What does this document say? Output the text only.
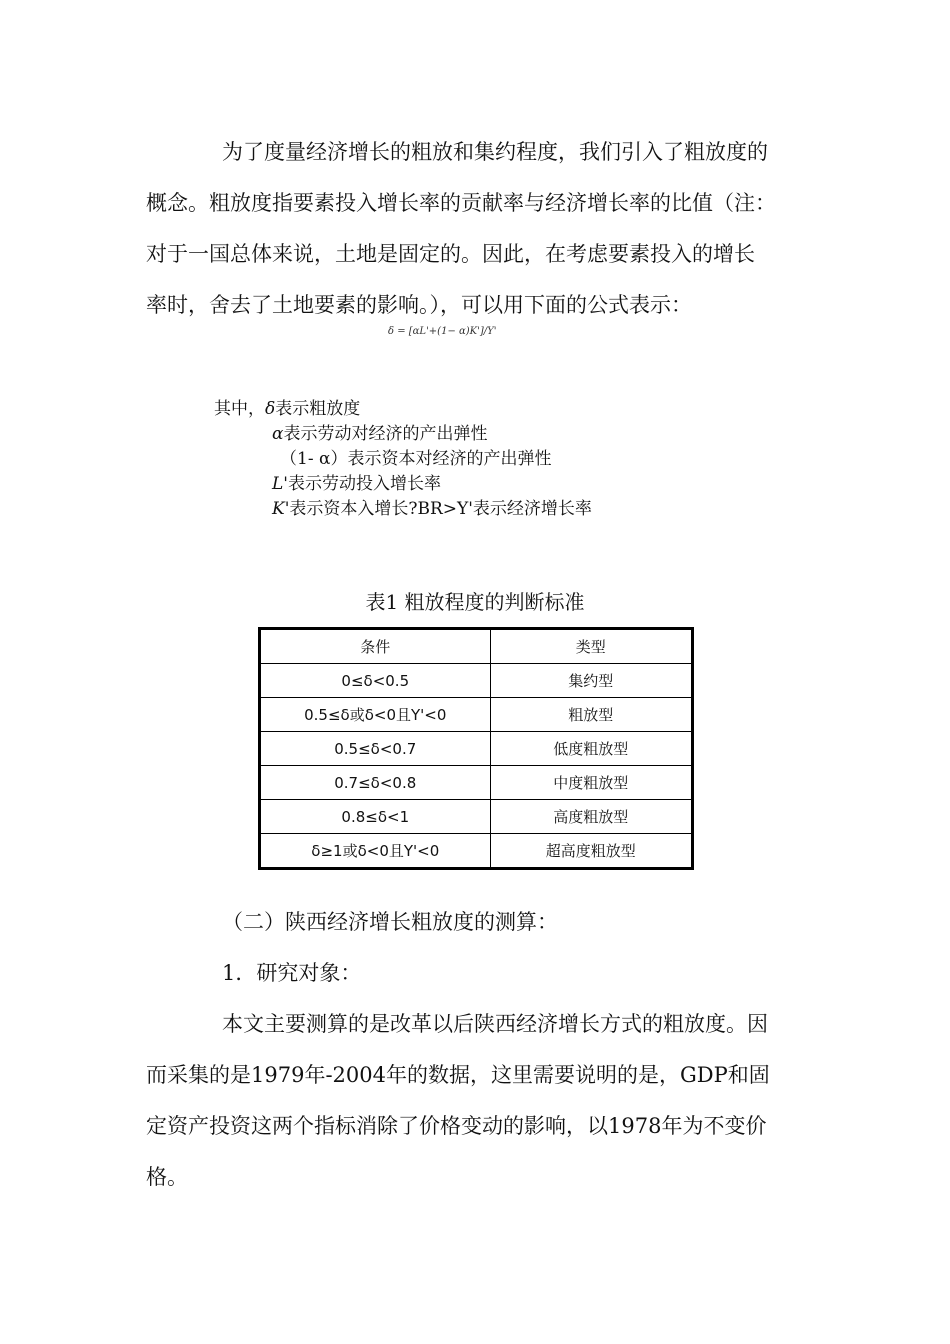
为了度量经济增长的粗放和集约程度，我们引入了粗放度的
概念。粗放度指要素投入增长率的贡献率与经济增长率的比值（注：
对于一国总体来说，土地是固定的。因此，在考虑要素投入的增长
率时，舍去了土地要素的影响。），可以用下面的公式表示：
δ = [αL'+(1− α)K']/Y'
其中，δ表示粗放度
α表示劳动对经济的产出弹性
（1- α）表示资本对经济的产出弹性
L'表示劳动投入增长率
K'表示资本入增长?BR>Y'表示经济增长率
表1 粗放程度的判断标准
条件	类型
0≤δ<0.5	集约型
0.5≤δ或δ<0且Y'<0	粗放型
0.5≤δ<0.7	低度粗放型
0.7≤δ<0.8	中度粗放型
0.8≤δ<1	高度粗放型
δ≥1或δ<0且Y'<0	超高度粗放型
（二）陕西经济增长粗放度的测算：
1．研究对象：
本文主要测算的是改革以后陕西经济增长方式的粗放度。因
而采集的是1979年-2004年的数据，这里需要说明的是，GDP和固
定资产投资这两个指标消除了价格变动的影响，以1978年为不变价
格。
